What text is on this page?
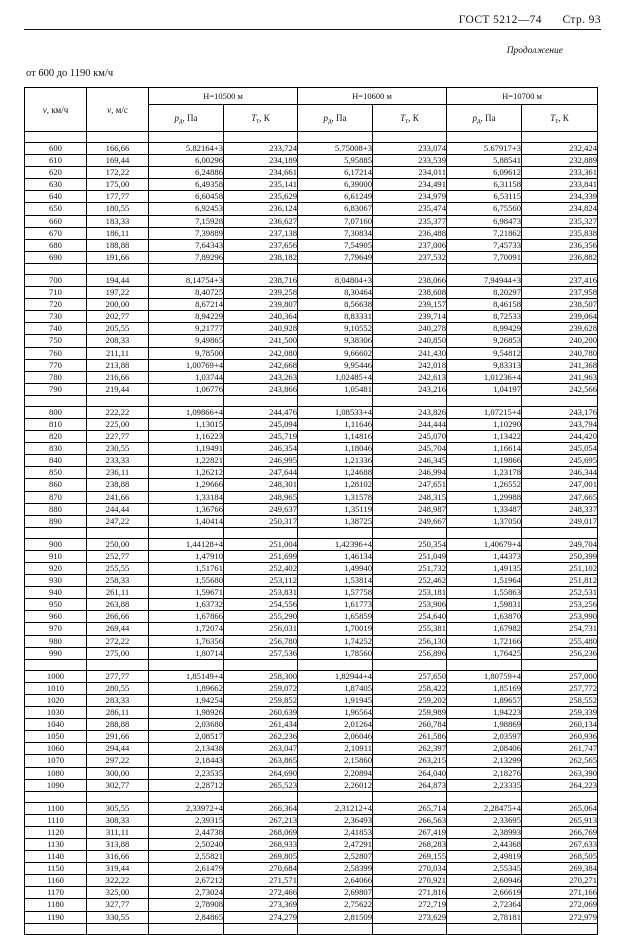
ГОСТ 5212—74 Стр. 93
Продолжение
от 600 до 1190 км/ч
v, км/ч	v, м/с	Н=10500 м		Н=10600 м		Н=10700 м	
		$p_д$, Па	$T_т$, К	$p_д$, Па	$T_т$, К	$p_д$, Па	$T_т$, К

600	166,66	5.82164+3	233,724	5.75008+3	233,074	5.67917+3	232,424
610	169,44	6,00296	234,189	5,95885	233,539	5,88541	232,889
620	172,22	6,24886	234,661	6,17214	234,011	6,09612	233,361
630	175,00	6,49358	235,141	6,39000	234,491	6,31158	233,841
640	177,77	6,60458	235,629	6,61249	234,979	6,53115	234,339
650	180,55	6,92453	236,124	6,83067	235,474	6,75560	234,824
660	183,33	7,15928	236,627	7,07160	235,377	6,98473	235,327
670	186,11	7,39889	237,138	7,30834	236,488	7,21862	235,838
680	188,88	7,64343	237,656	7,54905	237,006	7,45733	236,356
690	191,66	7,89296	238,182	7,79649	237,532	7,70091	236,882

700	194,44	8,14754+3	238,716	8,04804+3	238,066	7,94944+3	237,416
710	197,22	8,40725	239,258	8,30464	238,608	8,20297	237,958
720	200,00	8,67214	239,807	8,56638	239,157	8,46158	238,507
730	202,77	8,94229	240,364	8,83331	239,714	8,72533	239,064
740	205,55	9,21777	240,928	9,10552	240,278	8,99429	239,628
750	208,33	9,49865	241,500	9,38306	240,850	9,26853	240,200
760	211,11	9,78500	242,080	9,66602	241,430	9,54812	240,780
770	213,88	1,00769+4	242,668	9,95446	242,018	9,83313	241,368
780	216,66	1,03744	243,263	1,02485+4	242,613	1,01236+4	241,963
790	219,44	1,06776	243,866	1,05481	243,216	1,04197	242,566

800	222,22	1,09866+4	244,476	1,08533+4	243,826	1,07215+4	243,176
810	225,00	1,13015	245,094	1,11646	244,444	1,10290	243,794
820	227,77	1,16223	245,719	1,14816	245,070	1,13422	244,420
830	230,55	1,19491	246,354	1,18046	245,704	1,16614	245,054
840	233,33	1,22821	246,995	1,21336	246,345	1,19866	245,695
850	236,11	1,26212	247,644	1,24688	246,994	1,23178	246,344
860	238,88	1,29666	248,301	1,28102	247,651	1,26552	247,001
870	241,66	1,33184	248,965	1,31578	248,315	1,29988	247,665
880	244,44	1,36766	249,637	1,35119	248,987	1,33487	248,337
890	247,22	1,40414	250,317	1,38725	249,667	1,37050	249,017

900	250,00	1,44128+4	251,004	1,42396+4	250,354	1,40679+4	249,704
910	252,77	1,47910	251,699	1,46134	251,049	1,44373	250,399
920	255,55	1,51761	252,402	1,49940	251,732	1,49135	251,102
930	258,33	1,55680	253,112	1,53814	252,462	1,51964	251,812
940	261,11	1,59671	253,831	1,57758	253,181	1,55863	252,531
950	263,88	1,63732	254,556	1,61773	253,906	1,59831	253,256
960	266,66	1,67866	255,290	1,65859	254,640	1,63870	253,990
970	269,44	1,72074	256,031	1,70019	255,381	1,67982	254,731
980	272,22	1,76356	256,780	1,74252	256,130	1,72166	255,480
990	275,00	1,80714	257,536	1,78560	256,896	1,76425	256,236

1000	277,77	1,85149+4	258,300	1,82944+4	257,650	1,80759+4	257,000
1010	280,55	1,89662	259,072	1,87405	258,422	1,85169	257,772
1020	283,33	1,94254	259,852	1,91945	259,202	1,89657	258,552
1030	286,11	1,98926	260,639	1,96564	259,989	1,94223	259,339
1040	288,88	2,03680	261,434	2,01264	260,784	1,98869	260,134
1050	291,66	2,08517	262,236	2,06046	261,586	2,03597	260,936
1060	294,44	2,13438	263,047	2,10911	262,397	2,08406	261,747
1070	297,22	2,18443	263,865	2,15860	263,215	2,13299	262,565
1080	300,00	2,23535	264,690	2,20894	264,040	2,18276	263,390
1090	302,77	2,28712	265,523	2,26012	264,873	2,23335	264,223

1100	305,55	2,33972+4	266,364	2,31212+4	265,714	2,28475+4	265,064
1110	308,33	2,39315	267,213	2,36493	266,563	2,33695	265,913
1120	311,11	2,44738	268,069	2,41853	267,419	2,38993	266,769
1130	313,88	2,50240	268,933	2,47291	268,283	2,44368	267,633
1140	316,66	2,55821	269,805	2,52807	269,155	2,49819	268,505
1150	319,44	2,61479	270,684	2,58399	270,034	2,55345	269,384
1160	322,22	2,67212	271,571	2,64066	270,921	2,60946	270,271
1170	325,00	2,73024	272,466	2,69807	271,816	2,66619	271,166
1180	327,77	2,78908	273,369	2,75622	272,719	2,72364	272,069
1190	330,55	2,84865	274,279	2,81509	273,629	2,78181	272,979
